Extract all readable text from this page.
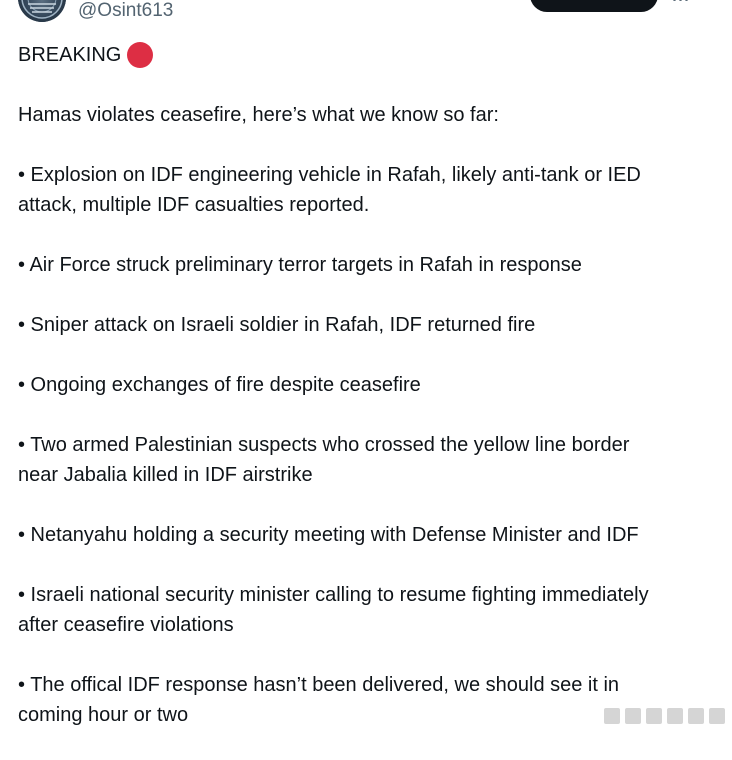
@Osint613
BREAKING
Hamas violates ceasefire, here’s what we know so far:
• Explosion on IDF engineering vehicle in Rafah, likely anti-tank or IED
attack, multiple IDF casualties reported.
• Air Force struck preliminary terror targets in Rafah in response
• Sniper attack on Israeli soldier in Rafah, IDF returned fire
• Ongoing exchanges of fire despite ceasefire
• Two armed Palestinian suspects who crossed the yellow line border
near Jabalia killed in IDF airstrike
• Netanyahu holding a security meeting with Defense Minister and IDF
• Israeli national security minister calling to resume fighting immediately
after ceasefire violations
• The offical IDF response hasn’t been delivered, we should see it in
coming hour or two
